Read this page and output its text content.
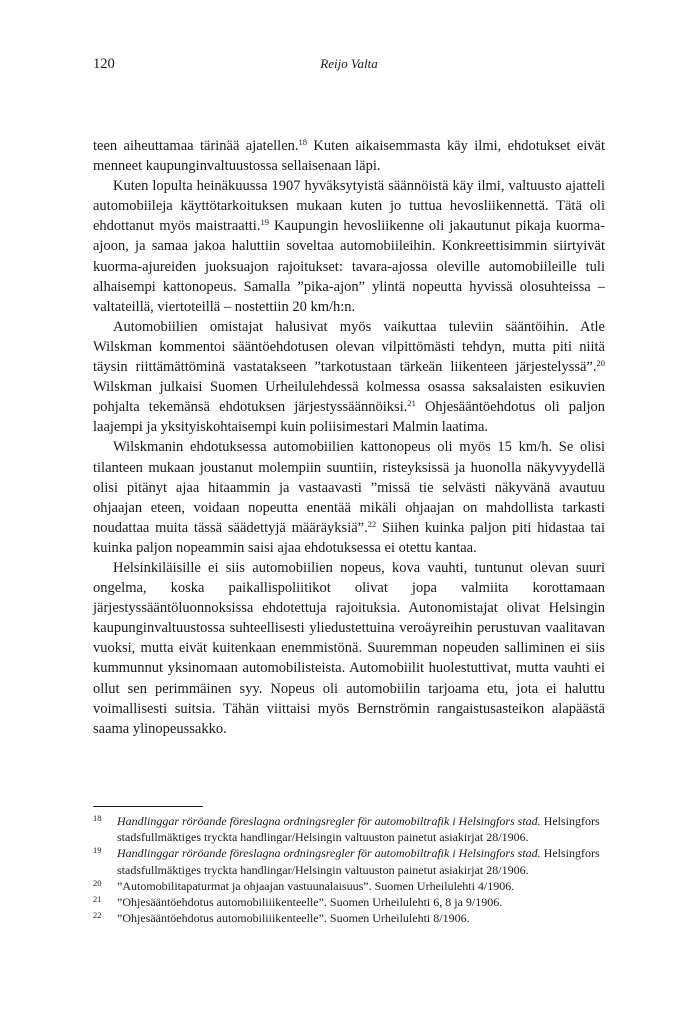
120	Reijo Valta

teen aiheuttamaa tärinää ajatellen.$^{18}$ Kuten aikaisemmasta käy ilmi, ehdotukset eivät menneet kaupunginvaltuustossa sellaisenaan läpi.

Kuten lopulta heinäkuussa 1907 hyväksytyistä säännöistä käy ilmi, valtuusto ajatteli automobiileja käyttötarkoituksen mukaan kuten jo tuttua hevosliikennettä. Tätä oli ehdottanut myös maistraatti.$^{19}$ Kaupungin hevosliikenne oli jakautunut pikaja kuorma-ajoon, ja samaa jakoa haluttiin soveltaa automobiileihin. Konkreettisimmin siirtyivät kuorma-ajureiden juoksuajon rajoitukset: tavara-ajossa oleville automobiileille tuli alhaisempi kattonopeus. Samalla ”pika-ajon” ylintä nopeutta hyvissä olosuhteissa – valtateillä, viertoteillä – nostettiin 20 km/h:n.

Automobiilien omistajat halusivat myös vaikuttaa tuleviin sääntöihin. Atle Wilskman kommentoi sääntöehdotusen olevan vilpittömästi tehdyn, mutta piti niitä täysin riittämättöminä vastatakseen ”tarkotustaan tärkeän liikenteen järjestelyssä”.$^{20}$ Wilskman julkaisi Suomen Urheilulehdessä kolmessa osassa saksalaisten esikuvien pohjalta tekemänsä ehdotuksen järjestyssäännöiksi.$^{21}$ Ohjesääntöehdotus oli paljon laajempi ja yksityiskohtaisempi kuin poliisimestari Malmin laatima.

Wilskmanin ehdotuksessa automobiilien kattonopeus oli myös 15 km/h. Se olisi tilanteen mukaan joustanut molempiin suuntiin, risteyksissä ja huonolla näkyvyydellä olisi pitänyt ajaa hitaammin ja vastaavasti ”missä tie selvästi näkyvänä avautuu ohjaajan eteen, voidaan nopeutta enentää mikäli ohjaajan on mahdollista tarkasti noudattaa muita tässä säädettyjä määräyksiä”.$^{22}$ Siihen kuinka paljon piti hidastaa tai kuinka paljon nopeammin saisi ajaa ehdotuksessa ei otettu kantaa.

Helsinkiläisille ei siis automobiilien nopeus, kova vauhti, tuntunut olevan suuri ongelma, koska paikallispoliitikot olivat jopa valmiita korottamaan järjestyssääntöluonnoksissa ehdotettuja rajoituksia. Autonomistajat olivat Helsingin kaupunginvaltuustossa suhteellisesti yliedustettuina veroäyreihin perustuvan vaalitavan vuoksi, mutta eivät kuitenkaan enemmistönä. Suuremman nopeuden salliminen ei siis kummunnut yksinomaan automobilisteista. Automobiilit huolestuttivat, mutta vauhti ei ollut sen perimmäinen syy. Nopeus oli automobiilin tarjoama etu, jota ei haluttu voimallisesti suitsia. Tähän viittaisi myös Bernströmin rangaistusasteikon alapäästä saama ylinopeussakko.

18 Handlinggar röröande föreslagna ordningsregler för automobiltrafik i Helsingfors stad. Helsingfors stadsfullmäktiges tryckta handlingar/Helsingin valtuuston painetut asiakirjat 28/1906.

19 Handlinggar röröande föreslagna ordningsregler för automobiltrafik i Helsingfors stad. Helsingfors stadsfullmäktiges tryckta handlingar/Helsingin valtuuston painetut asiakirjat 28/1906.

20 ”Automobilitapaturmat ja ohjaajan vastuunalaisuus”. Suomen Urheilulehti 4/1906.

21 ”Ohjesääntöehdotus automobiliiikenteelle”. Suomen Urheilulehti 6, 8 ja 9/1906.

22 ”Ohjesääntöehdotus automobiliiikenteelle”. Suomen Urheilulehti 8/1906.
